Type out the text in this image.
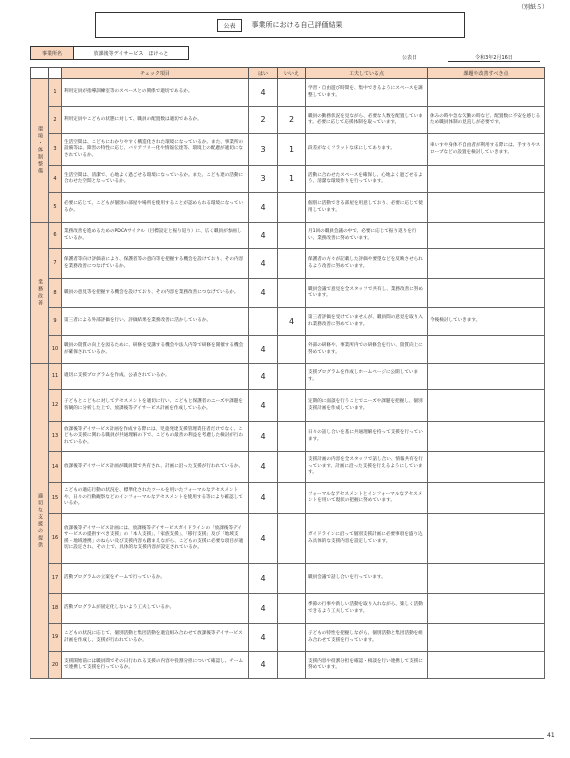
（別紙５）
公表	事業所における自己評価結果
事業所名	放課後等デイサービス　ほけっと
公表日	令和3年2月16日
		チェック項目	はい	いいえ	工夫している点	課題や改善すべき点
環境・体制整備	1	利用定員が指導訓練室等のスペースとの関係で適切であるか。	4		学習・自由遊び時間を、集中できるようにスペースを調整しています。	
	2	利用定員やこどもの状態に対して、職員の配置数は適切であるか。	2	2	職員の勤務状況を見ながら、必要な人数を配置しています。必要に応じて応援体制を取っています。	休みの時や急な欠勤の時など、配置数に不安を感じるため職員体制の見直しが必要です。
	3	生活空間は、こどもにわかりやすく構造化された環境になっているか。また、事業所の設備等は、障害の特性に応じ、バリアフリー化や情報伝達等、環境上の配慮が適切になされているか。	3	1	段差がなくフラットな床にしてあります。	車いすや身体不自由者が利用する際には、手すりやスロープなどの設置を検討していきます。
	4	生活空間は、清潔で、心地よく過ごせる環境になっているか。また、こども達の活動に合わせた空間となっているか。	3	1	活動に合わせたスペースを確保し、心地よく過ごせるよう、清潔な環境作りを行っています。	
	5	必要に応じて、こどもが個別の部屋や場所を使用することが認められる環境になっているか。	4		個別に活動できる部屋を用意しており、必要に応じて使用しています。	
業務改善	6	業務改善を進めるためのPDCAサイクル（目標設定と振り返り）に、広く職員が参画しているか。	4		月1回の職員会議の中で、必要に応じて振り返りを行い、業務改善に努めています。	
	7	保護者等向け評価表により、保護者等の意向等を把握する機会を設けており、その内容を業務改善につなげているか。	4		保護者の方々が記載した評価や要望などを反映させられるよう改善に努めています。	
	8	職員の意見等を把握する機会を設けており、その内容を業務改善につなげているか。	4		職員会議で意見を全スタッフで共有し、業務改善に努めています。	
	9	第三者による外部評価を行い、評価結果を業務改善に活かしているか。		4	第三者評価を受けていませんが、職員間の意見を取り入れ業務改善に努めています。	今後検討していきます。
	10	職員の資質の向上を図るために、研修を受講する機会や法人内等で研修を開催する機会が確保されているか。	4		外部の研修や、事業所内での研修会を行い、資質向上に努めています。	
適切な支援の提供	11	適切に支援プログラムを作成、公表されているか。	4		支援プログラムを作成しホームページに公開しています。	
	12	子どもとこどもに対してアセスメントを適切に行い、こどもと保護者のニーズや課題を客観的に分析した上で、放課後等デイサービス計画を作成しているか。	4		定期的に面談を行うことでニーズや課題を把握し、個別支援計画を作成しています。	
	13	放課後等デイサービス計画を作成する際には、児童発達支援管理責任者だけでなく、こどもの支援に関わる職員が共通理解の下で、こどもの最善の利益を考慮した検討が行われているか。	4		日々の話し合いを基に共通理解を持って支援を行っています。	
	14	放課後等デイサービス計画が職員間で共有され、計画に沿った支援が行われているか。	4		支援計画の内容を全スタッフで話し合い、情報共有を行っています。計画に沿った支援を行えるようにしています。	
	15	こどもの適応行動の状況を、標準化されたツールを用いたフォーマルなアセスメントや、日々の行動観察などのインフォーマルなアセスメントを使用する等により確認しているか。	4		フォーマルなアセスメントとインフォーマルなアセスメントを用いて現状の把握に努めています。	
	16	放課後等デイサービス計画には、放課後等デイサービスガイドラインの「放課後等デイサービスの提供すべき支援」の「本人支援」、「家族支援」、「移行支援」及び「地域支援・地域連携」のねらい及び支援内容も踏まえながら、こどもの支援に必要な項目が適切に設定され、その上で、具体的な支援内容が設定されているか。	4		ガイドラインに沿って個別支援計画に必要事項を盛り込み具体的な支援内容を設定しています。	
	17	活動プログラムの立案をチームで行っているか。	4		職員会議で話し合いを行っています。	
	18	活動プログラムが固定化しないよう工夫しているか。	4		季節の行事や新しい活動を取り入れながら、楽しく活動できるよう工夫しています。	
	19	こどもの状況に応じて、個別活動と集団活動を適宜組み合わせて放課後等デイサービス計画を作成し、支援が行われているか。	4		子どもの特性を把握しながら、個別活動と集団活動を組み合わせて支援を行っています。	
	20	支援開始前には職員間でその日行われる支援の内容や役割分担について確認し、チームで連携して支援を行っているか。	4		支援内容や役割分担を確認・相談を行い連携して支援に努めています。	
41
